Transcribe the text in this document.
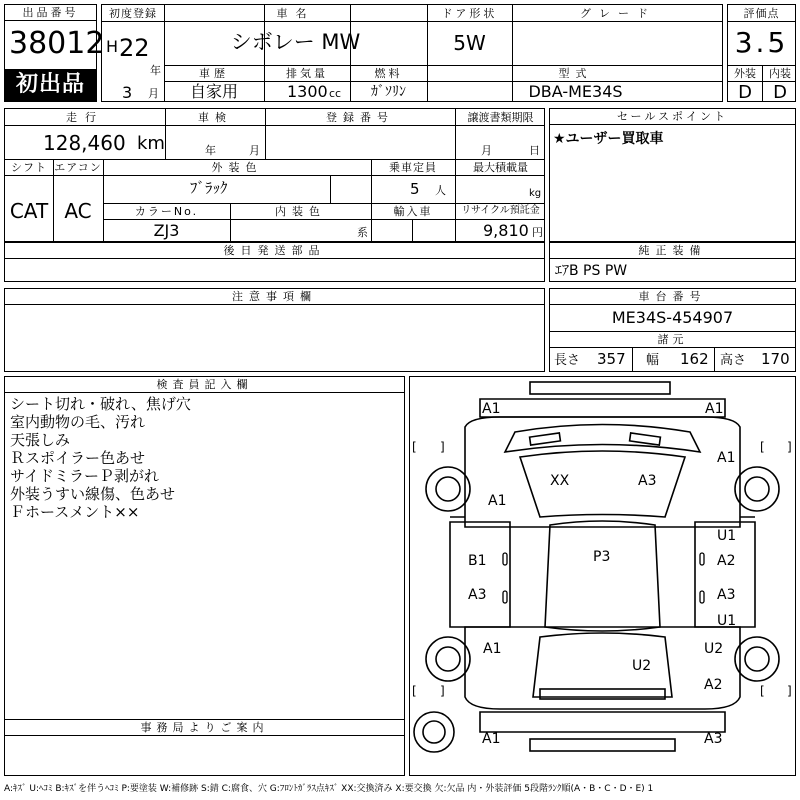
出品番号
38012
初出品
初度登録
H 22
年
3 月
車名
シボレー MW
ドア形状
5W
グレード
車歴
自家用
排気量
1300 cc
燃料
ｶﾞｿﾘﾝ
型式
DBA-ME34S
評価点
3.5
外装	内装
D	D
走行
128,460 km
車検
年	月
登録番号	譲渡書類期限
月	日
シフト
CAT
エアコン
AC
外装色
ﾌﾞﾗｯｸ
乗車定員
5 人
最大積載量
kg
カラーNo.
ZJ3
内装色
系
輸入車	リサイクル預託金
9,810 円
セールスポイント
★ユーザー買取車
後日発送部品	純正装備
ｴｱB PS PW
注意事項欄	車台番号
ME34S-454907
諸元
長さ 357 幅 162 高さ 170
検査員記入欄
シート切れ・破れ、焦げ穴
室内動物の毛、汚れ
天張しみ
Ｒスポイラー色あせ
サイドミラーＰ剥がれ
外装うすい線傷、色あせ
Ｆホースメント××
事務局よりご案内
[ ]	[ ]
[ ]	[ ]
A1	A1
A1
XX	A3
A1
U1
P3
B1	A2
A3	A3
U1
A1	U2
U2
A2
A1	A3
A:ｷｽﾞ U:ﾍｺﾐ B:ｷｽﾞを伴うﾍｺﾐ P:要塗装 W:補修跡 S:錆 C:腐食、穴 G:ﾌﾛﾝﾄｶﾞﾗｽ点ｷｽﾞ XX:交換済み X:要交換 欠:欠品 内・外装評価 5段階ﾗﾝｸ順(A・B・C・D・E) 1
